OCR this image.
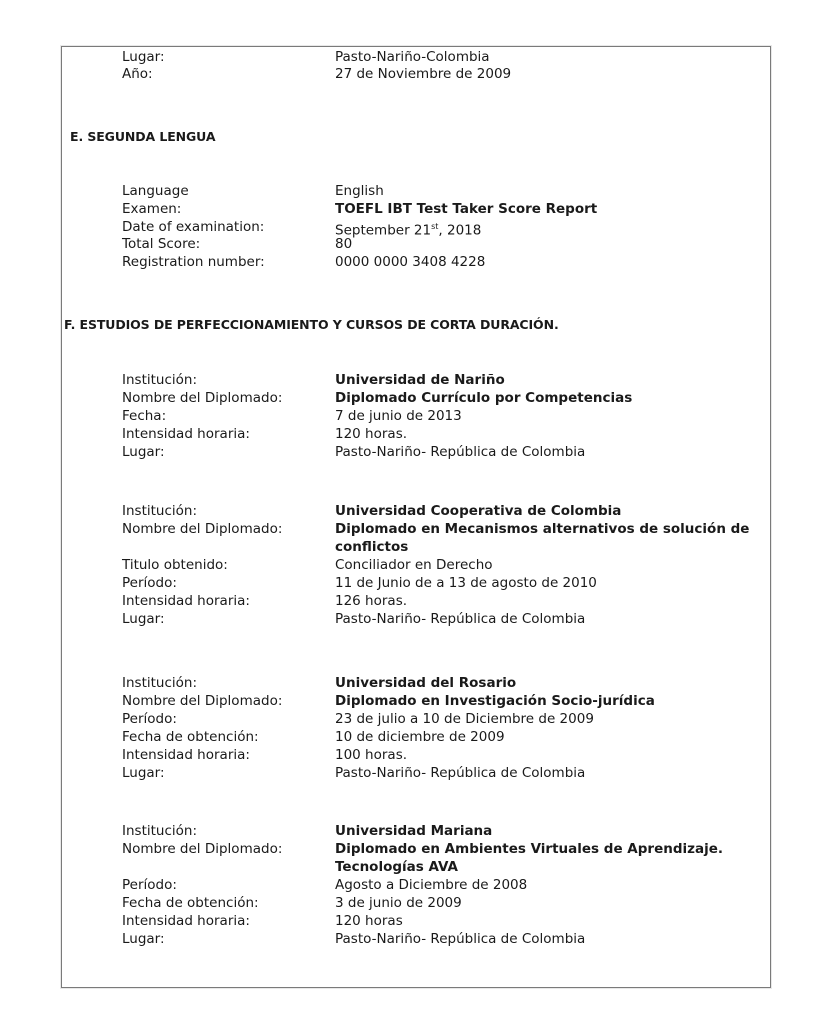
Lugar:	Pasto-Nariño-Colombia
Año:	27 de Noviembre de 2009
E. SEGUNDA LENGUA
Language	English
Examen:	TOEFL IBT Test Taker Score Report
Date of examination:	September 21st, 2018
Total Score:	80
Registration number:	0000 0000 3408 4228
F. ESTUDIOS DE PERFECCIONAMIENTO Y CURSOS DE CORTA DURACIÓN.
Institución:	Universidad de Nariño
Nombre del Diplomado:	Diplomado Currículo por Competencias
Fecha:	7 de junio de 2013
Intensidad horaria:	120 horas.
Lugar:	Pasto-Nariño- República de Colombia
Institución:	Universidad Cooperativa de Colombia
Nombre del Diplomado:	Diplomado en Mecanismos alternativos de solución de
conflictos
Titulo obtenido:	Conciliador en Derecho
Período:	11 de Junio de a 13 de agosto de 2010
Intensidad horaria:	126 horas.
Lugar:	Pasto-Nariño- República de Colombia
Institución:	Universidad del Rosario
Nombre del Diplomado:	Diplomado en Investigación Socio-jurídica
Período:	23 de julio a 10 de Diciembre de 2009
Fecha de obtención:	10 de diciembre de 2009
Intensidad horaria:	100 horas.
Lugar:	Pasto-Nariño- República de Colombia
Institución:	Universidad Mariana
Nombre del Diplomado:	Diplomado en Ambientes Virtuales de Aprendizaje.
Tecnologías AVA
Período:	Agosto a Diciembre de 2008
Fecha de obtención:	3 de junio de 2009
Intensidad horaria:	120 horas
Lugar:	Pasto-Nariño- República de Colombia
